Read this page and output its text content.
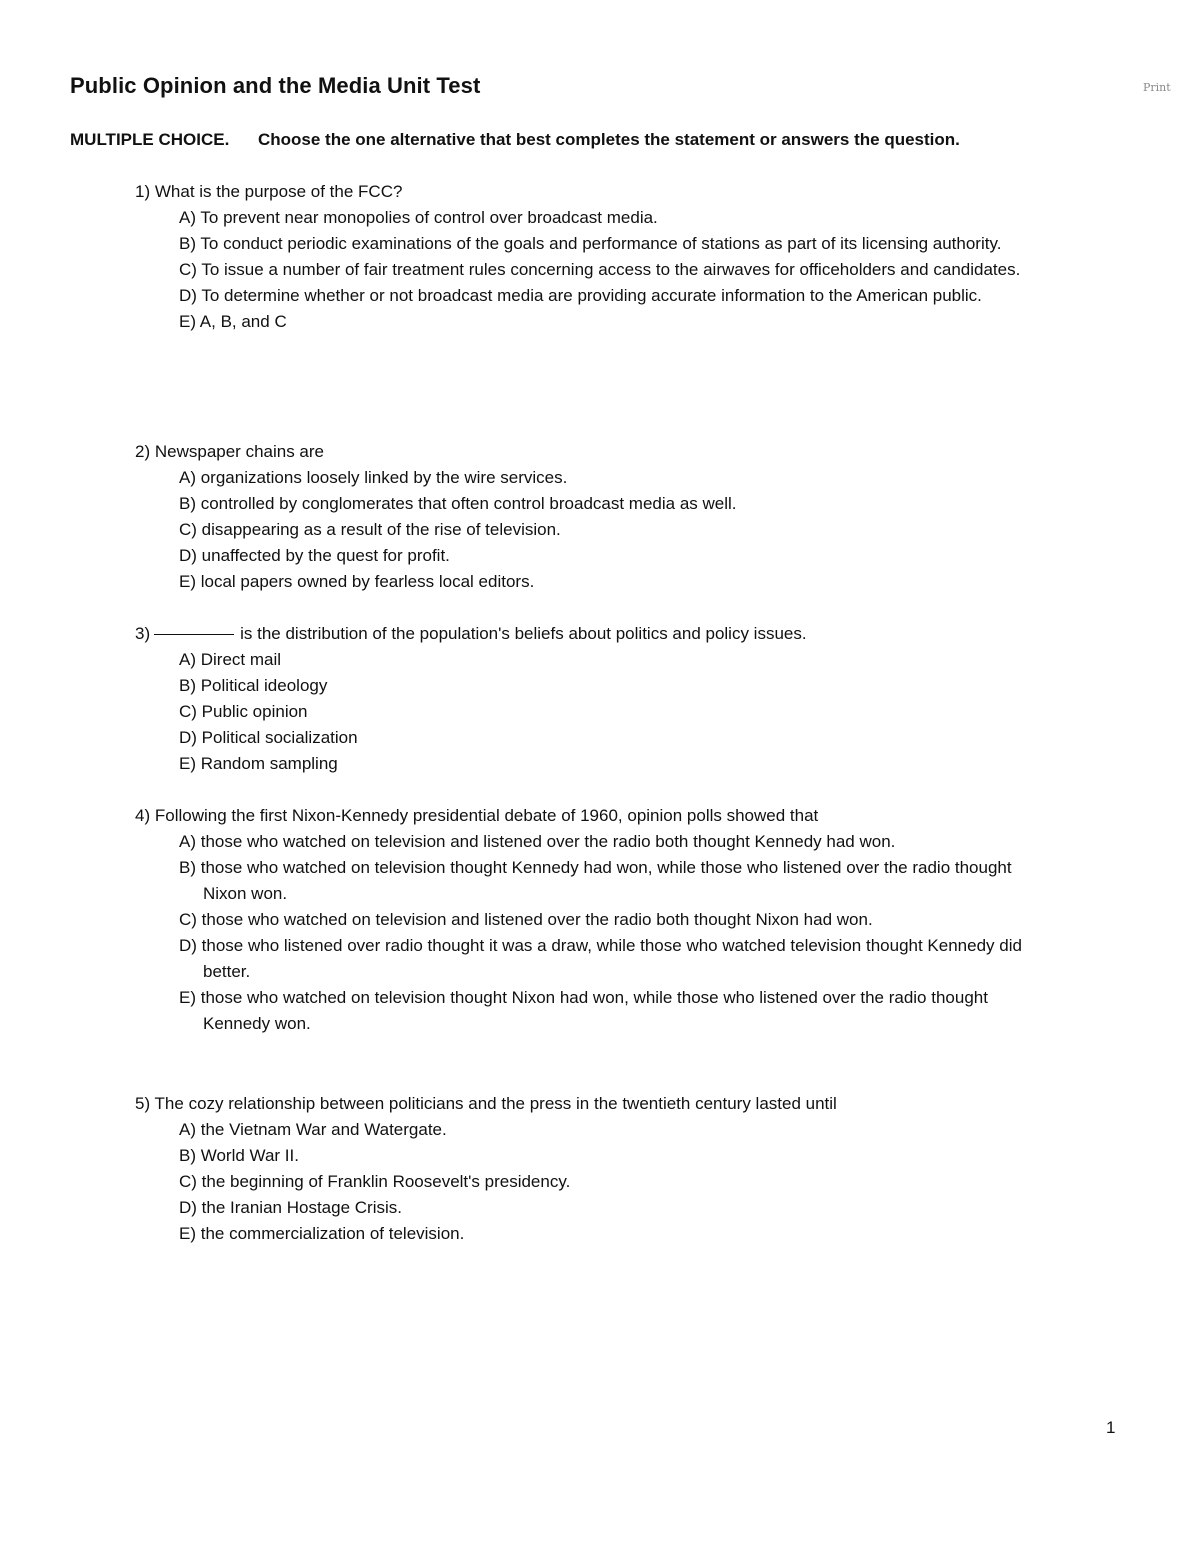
Public Opinion and the Media Unit Test	Print
MULTIPLE CHOICE. Choose the one alternative that best completes the statement or answers the question.
1) What is the purpose of the FCC?
A) To prevent near monopolies of control over broadcast media.
B) To conduct periodic examinations of the goals and performance of stations as part of its licensing authority.
C) To issue a number of fair treatment rules concerning access to the airwaves for officeholders and candidates.
D) To determine whether or not broadcast media are providing accurate information to the American public.
E) A, B, and C
2) Newspaper chains are
A) organizations loosely linked by the wire services.
B) controlled by conglomerates that often control broadcast media as well.
C) disappearing as a result of the rise of television.
D) unaffected by the quest for profit.
E) local papers owned by fearless local editors.
3)	is the distribution of the population's beliefs about politics and policy issues.
A) Direct mail
B) Political ideology
C) Public opinion
D) Political socialization
E) Random sampling
4) Following the first Nixon-Kennedy presidential debate of 1960, opinion polls showed that
A) those who watched on television and listened over the radio both thought Kennedy had won.
B) those who watched on television thought Kennedy had won, while those who listened over the radio thought Nixon won.
C) those who watched on television and listened over the radio both thought Nixon had won.
D) those who listened over radio thought it was a draw, while those who watched television thought Kennedy did better.
E) those who watched on television thought Nixon had won, while those who listened over the radio thought Kennedy won.
5) The cozy relationship between politicians and the press in the twentieth century lasted until
A) the Vietnam War and Watergate.
B) World War II.
C) the beginning of Franklin Roosevelt's presidency.
D) the Iranian Hostage Crisis.
E) the commercialization of television.
1
